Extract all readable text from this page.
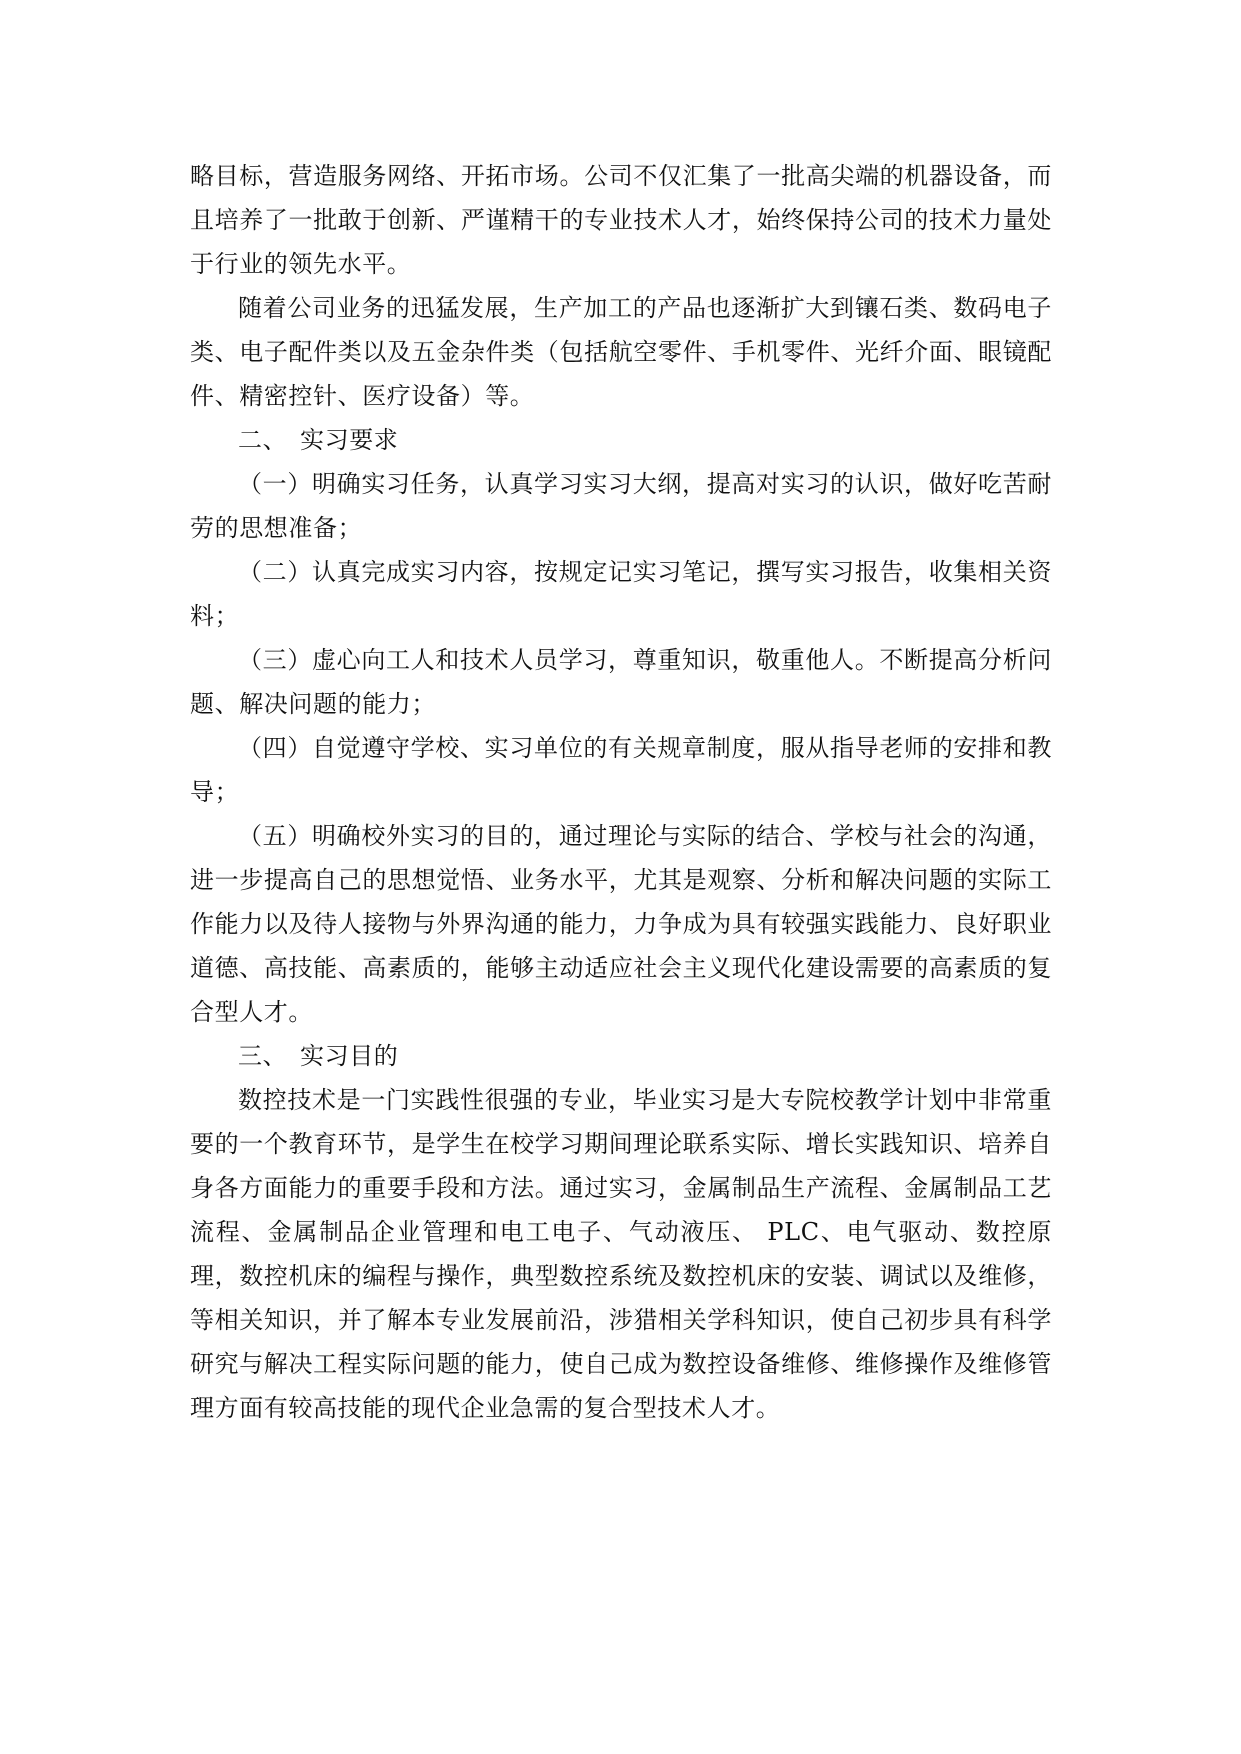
略目标，营造服务网络、开拓市场。公司不仅汇集了一批高尖端的机器设备，而且培养了一批敢于创新、严谨精干的专业技术人才，始终保持公司的技术力量处于行业的领先水平。

随着公司业务的迅猛发展，生产加工的产品也逐渐扩大到镶石类、数码电子类、电子配件类以及五金杂件类（包括航空零件、手机零件、光纤介面、眼镜配件、精密控针、医疗设备）等。

二、 实习要求

（一）明确实习任务，认真学习实习大纲，提高对实习的认识，做好吃苦耐劳的思想准备；

（二）认真完成实习内容，按规定记实习笔记，撰写实习报告，收集相关资料；

（三）虚心向工人和技术人员学习，尊重知识，敬重他人。不断提高分析问题、解决问题的能力；

（四）自觉遵守学校、实习单位的有关规章制度，服从指导老师的安排和教导；

（五）明确校外实习的目的，通过理论与实际的结合、学校与社会的沟通，进一步提高自己的思想觉悟、业务水平，尤其是观察、分析和解决问题的实际工作能力以及待人接物与外界沟通的能力，力争成为具有较强实践能力、良好职业道德、高技能、高素质的，能够主动适应社会主义现代化建设需要的高素质的复合型人才。

三、 实习目的

数控技术是一门实践性很强的专业，毕业实习是大专院校教学计划中非常重要的一个教育环节，是学生在校学习期间理论联系实际、增长实践知识、培养自身各方面能力的重要手段和方法。通过实习，金属制品生产流程、金属制品工艺流程、金属制品企业管理和电工电子、气动液压、 PLC、电气驱动、数控原理，数控机床的编程与操作，典型数控系统及数控机床的安装、调试以及维修，等相关知识，并了解本专业发展前沿，涉猎相关学科知识，使自己初步具有科学研究与解决工程实际问题的能力，使自己成为数控设备维修、维修操作及维修管理方面有较高技能的现代企业急需的复合型技术人才。
